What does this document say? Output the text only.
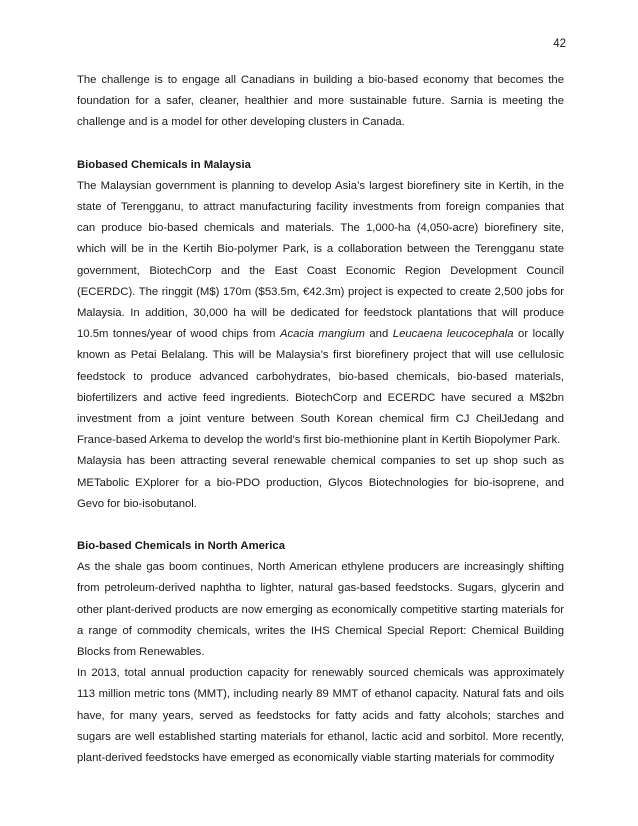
42

The challenge is to engage all Canadians in building a bio-based economy that becomes the foundation for a safer, cleaner, healthier and more sustainable future. Sarnia is meeting the challenge and is a model for other developing clusters in Canada.

Biobased Chemicals in Malaysia

The Malaysian government is planning to develop Asia’s largest biorefinery site in Kertih, in the state of Terengganu, to attract manufacturing facility investments from foreign companies that can produce bio-based chemicals and materials. The 1,000-ha (4,050-acre) biorefinery site, which will be in the Kertih Bio-polymer Park, is a collaboration between the Terengganu state government, BiotechCorp and the East Coast Economic Region Development Council (ECERDC). The ringgit (M$) 170m ($53.5m, €42.3m) project is expected to create 2,500 jobs for Malaysia. In addition, 30,000 ha will be dedicated for feedstock plantations that will produce 10.5m tonnes/year of wood chips from Acacia mangium and Leucaena leucocephala or locally known as Petai Belalang. This will be Malaysia’s first biorefinery project that will use cellulosic feedstock to produce advanced carbohydrates, bio-based chemicals, bio-based materials, biofertilizers and active feed ingredients. BiotechCorp and ECERDC have secured a M$2bn investment from a joint venture between South Korean chemical firm CJ CheilJedang and France-based Arkema to develop the world’s first bio-methionine plant in Kertih Biopolymer Park.

Malaysia has been attracting several renewable chemical companies to set up shop such as METabolic EXplorer for a bio-PDO production, Glycos Biotechnologies for bio-isoprene, and Gevo for bio-isobutanol.

Bio-based Chemicals in North America

As the shale gas boom continues, North American ethylene producers are increasingly shifting from petroleum-derived naphtha to lighter, natural gas-based feedstocks. Sugars, glycerin and other plant-derived products are now emerging as economically competitive starting materials for a range of commodity chemicals, writes the IHS Chemical Special Report: Chemical Building Blocks from Renewables.

In 2013, total annual production capacity for renewably sourced chemicals was approximately 113 million metric tons (MMT), including nearly 89 MMT of ethanol capacity. Natural fats and oils have, for many years, served as feedstocks for fatty acids and fatty alcohols; starches and sugars are well established starting materials for ethanol, lactic acid and sorbitol. More recently, plant-derived feedstocks have emerged as economically viable starting materials for commodity
